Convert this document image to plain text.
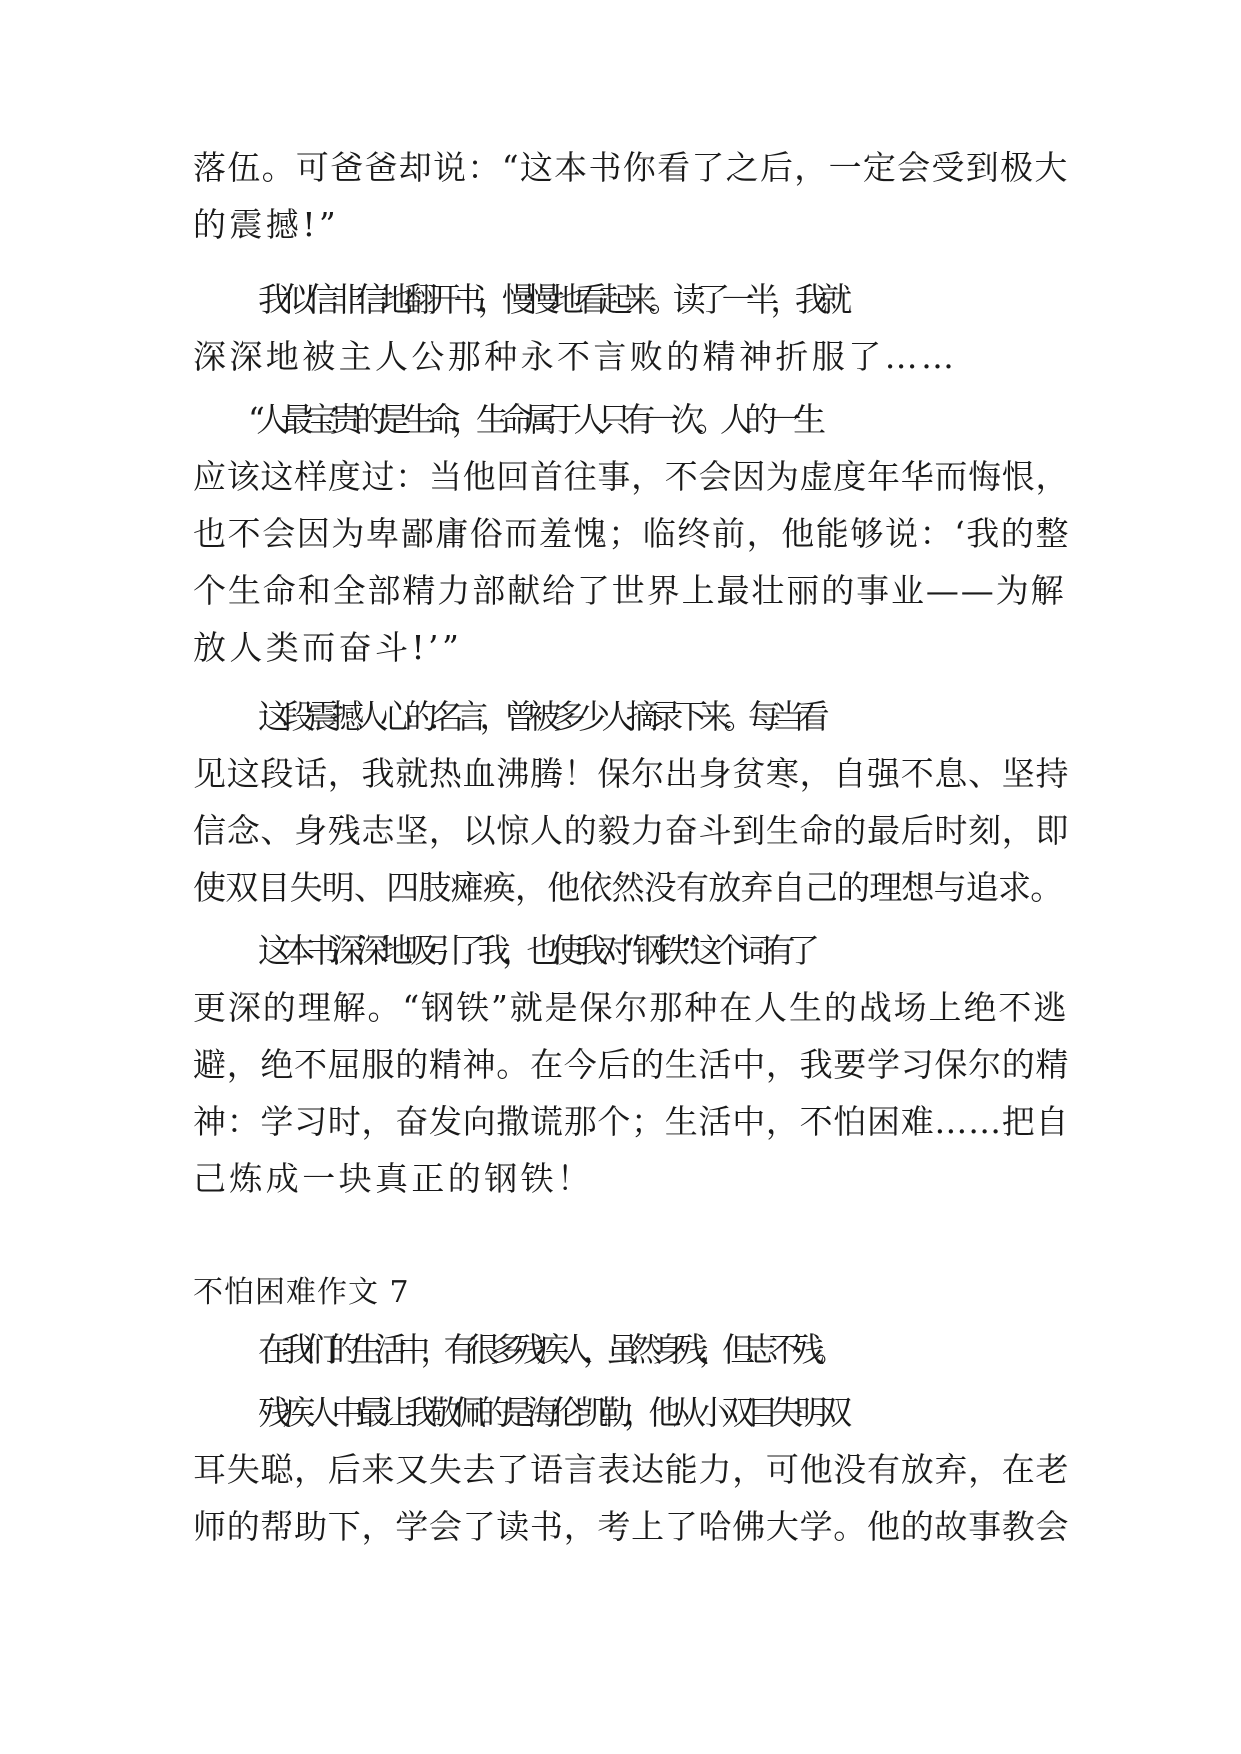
落伍。可爸爸却说：“这本书你看了之后，一定会受到极大
的震撼!”
我似信非信地翻开书，慢慢地看起来。读了一半，我就
深深地被主人公那种永不言败的精神折服了……
“人最宝贵的是生命，生命属于人只有一次。人的一生
应该这样度过：当他回首往事，不会因为虚度年华而悔恨，
也不会因为卑鄙庸俗而羞愧；临终前，他能够说：‘我的整
个生命和全部精力部献给了世界上最壮丽的事业——为解
放人类而奋斗!’”
这段震撼人心的.名言，曾被多少人摘录下来。每当看
见这段话，我就热血沸腾！保尔出身贫寒，自强不息、坚持
信念、身残志坚，以惊人的毅力奋斗到生命的最后时刻，即
使双目失明、四肢瘫痪，他依然没有放弃自己的理想与追求。
这本书深深地吸引了我，也使我对“钢铁”这个词有了
更深的理解。“钢铁”就是保尔那种在人生的战场上绝不逃
避，绝不屈服的精神。在今后的生活中，我要学习保尔的精
神：学习时，奋发向撒谎那个；生活中，不怕困难……把自
己炼成一块真正的钢铁！
不怕困难作文 7
在我们的生活中，有很多残疾人，虽然身残，但志不残。
残疾人中最让我敬佩的是海伦凯勒，他从小双目失明双
耳失聪，后来又失去了语言表达能力，可他没有放弃，在老
师的帮助下，学会了读书，考上了哈佛大学。他的故事教会
